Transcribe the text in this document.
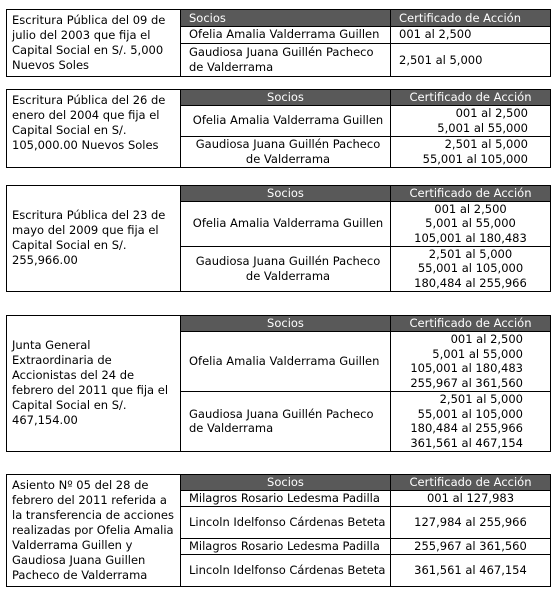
Escritura Pública del 09 de julio del 2003 que fija el Capital Social en S/. 5,000 Nuevos Soles
Socios	Certificado de Acción
Ofelia Amalia Valderrama Guillen	001 al 2,500

Gaudiosa Juana Guillén Pacheco de Valderrama	2,501 al 5,000
Escritura Pública del 26 de enero del 2004 que fija el Capital Social en S/. 105,000.00 Nuevos Soles
Socios	Certificado de Acción
Ofelia Amalia Valderrama Guillen	001 al 2,500
5,001 al 55,000

Gaudiosa Juana Guillén Pacheco de Valderrama	2,501 al 5,000
55,001 al 105,000
Escritura Pública del 23 de mayo del 2009 que fija el Capital Social en S/. 255,966.00
Socios	Certificado de Acción
Ofelia Amalia Valderrama Guillen	001 al 2,500
5,001 al 55,000
105,001 al 180,483

Gaudiosa Juana Guillén Pacheco de Valderrama	2,501 al 5,000
55,001 al 105,000
180,484 al 255,966
Junta General Extraordinaria de Accionistas del 24 de febrero del 2011 que fija el Capital Social en S/. 467,154.00
Socios	Certificado de Acción
Ofelia Amalia Valderrama Guillen	001 al 2,500
5,001 al 55,000
105,001 al 180,483
255,967 al 361,560

Gaudiosa Juana Guillén Pacheco de Valderrama	2,501 al 5,000
55,001 al 105,000
180,484 al 255,966
361,561 al 467,154
Asiento Nº 05 del 28 de febrero del 2011 referida a la transferencia de acciones realizadas por Ofelia Amalia Valderrama Guillen y Gaudiosa Juana Guillen Pacheco de Valderrama
Socios	Certificado de Acción
Milagros Rosario Ledesma Padilla	001 al 127,983

Lincoln Idelfonso Cárdenas Beteta	127,984 al 255,966

Milagros Rosario Ledesma Padilla	255,967 al 361,560

Lincoln Idelfonso Cárdenas Beteta	361,561 al 467,154
